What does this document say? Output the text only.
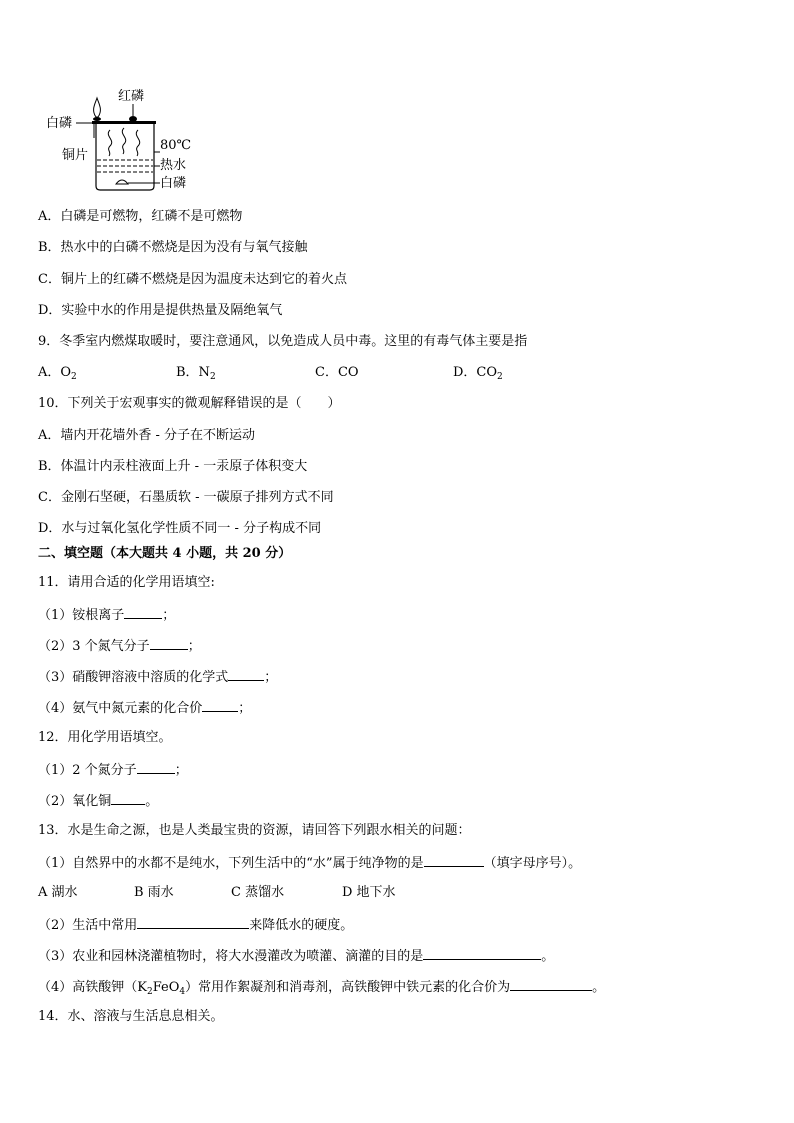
红磷
白磷
铜片
80℃
热水
白磷
A．白磷是可燃物，红磷不是可燃物
B．热水中的白磷不燃烧是因为没有与氧气接触
C．铜片上的红磷不燃烧是因为温度未达到它的着火点
D．实验中水的作用是提供热量及隔绝氧气
9．冬季室内燃煤取暖时，要注意通风，以免造成人员中毒。这里的有毒气体主要是指
A．$O_2$	B．$N_2$	C．CO	D．$CO_2$
10．下列关于宏观事实的微观解释错误的是（　　）
A．墙内开花墙外香 - 分子在不断运动
B．体温计内汞柱液面上升 - 一汞原子体积变大
C．金刚石坚硬，石墨质软 - 一碳原子排列方式不同
D．水与过氧化氢化学性质不同一 - 分子构成不同
二、填空题（本大题共 4 小题，共 20 分）
11．请用合适的化学用语填空:
（1）铵根离子	；
（2）3 个氮气分子	；
（3）硝酸钾溶液中溶质的化学式	；
（4）氨气中氮元素的化合价	；
12．用化学用语填空。
（1）2 个氮分子	；
（2）氧化铜	。
13．水是生命之源，也是人类最宝贵的资源，请回答下列跟水相关的问题：
（1）自然界中的水都不是纯水，下列生活中的“水”属于纯净物的是	（填字母序号）。
A 湖水	B 雨水	C 蒸馏水	D 地下水
（2）生活中常用	来降低水的硬度。
（3）农业和园林浇灌植物时，将大水漫灌改为喷灌、滴灌的目的是	。
（4）高铁酸钾$(K_2FeO_4)$常用作絮凝剂和消毒剂，高铁酸钾中铁元素的化合价为	。
14．水、溶液与生活息息相关。
